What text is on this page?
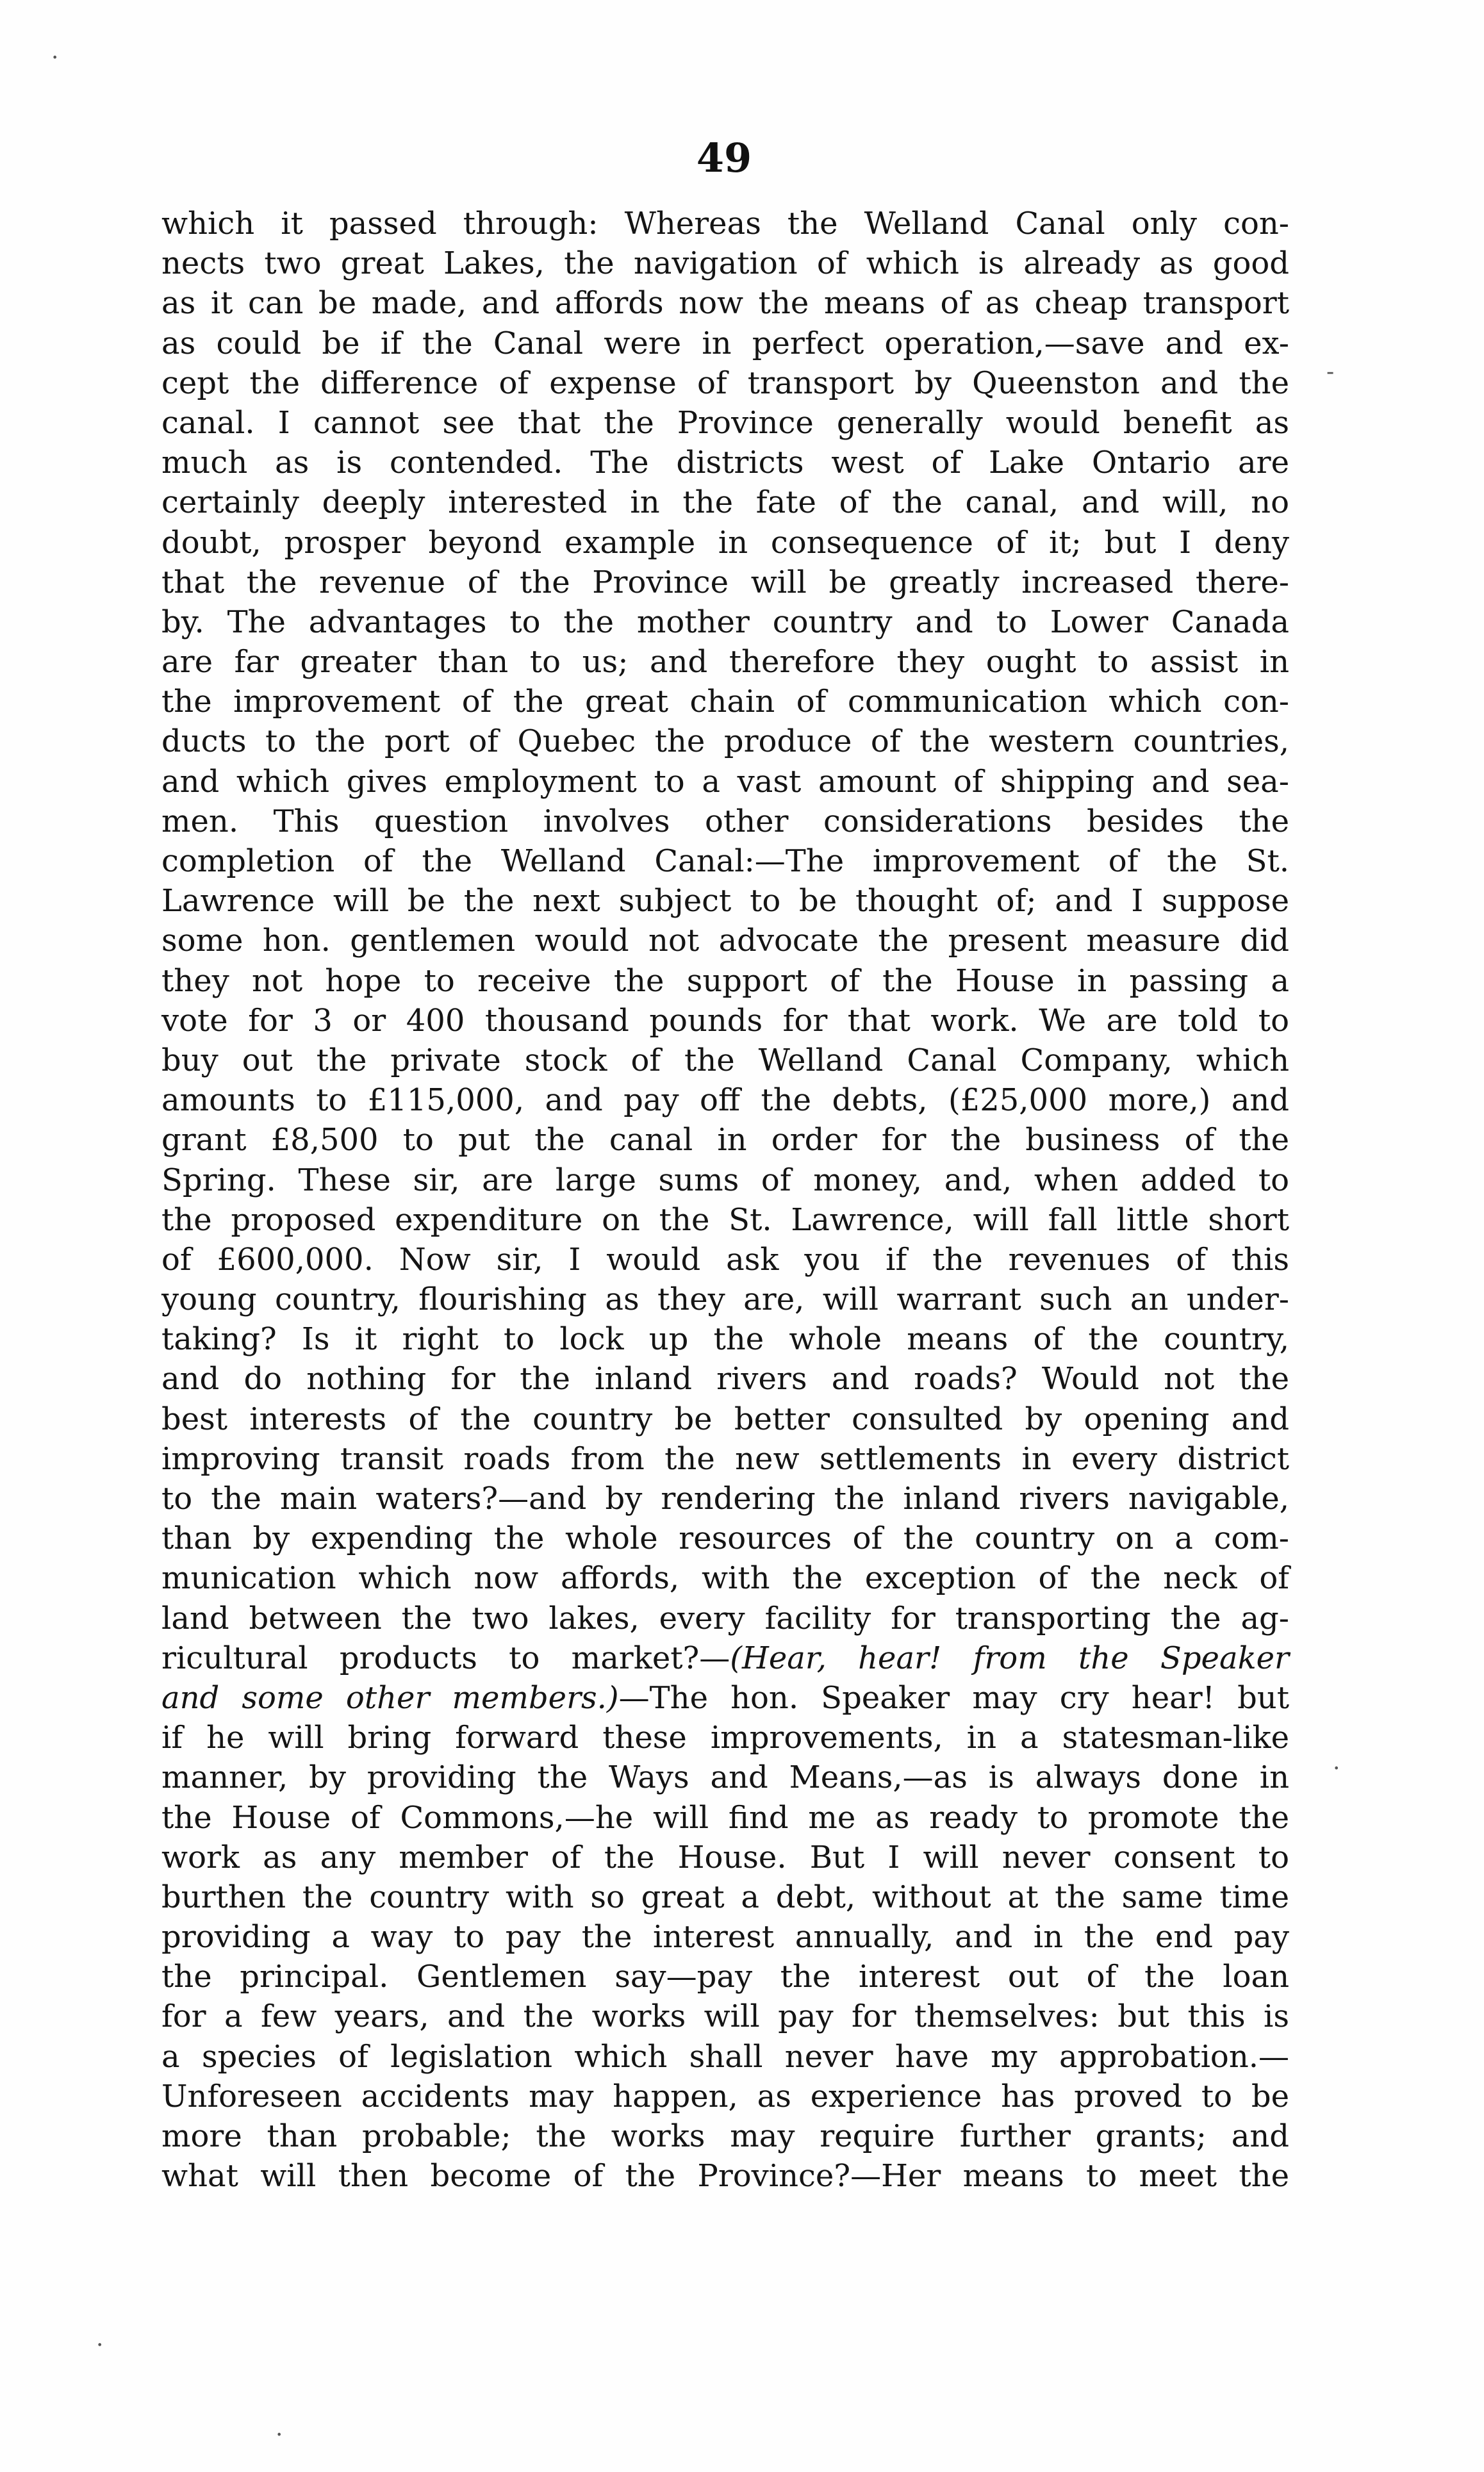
49
which it passed through: Whereas the Welland Canal only con-
nects two great Lakes, the navigation of which is already as good
as it can be made, and affords now the means of as cheap transport
as could be if the Canal were in perfect operation,—save and ex-
cept the difference of expense of transport by Queenston and the
canal. I cannot see that the Province generally would benefit as
much as is contended. The districts west of Lake Ontario are
certainly deeply interested in the fate of the canal, and will, no
doubt, prosper beyond example in consequence of it; but I deny
that the revenue of the Province will be greatly increased there-
by. The advantages to the mother country and to Lower Canada
are far greater than to us; and therefore they ought to assist in
the improvement of the great chain of communication which con-
ducts to the port of Quebec the produce of the western countries,
and which gives employment to a vast amount of shipping and sea-
men. This question involves other considerations besides the
completion of the Welland Canal:—The improvement of the St.
Lawrence will be the next subject to be thought of; and I suppose
some hon. gentlemen would not advocate the present measure did
they not hope to receive the support of the House in passing a
vote for 3 or 400 thousand pounds for that work. We are told to
buy out the private stock of the Welland Canal Company, which
amounts to £115,000, and pay off the debts, (£25,000 more,) and
grant £8,500 to put the canal in order for the business of the
Spring. These sir, are large sums of money, and, when added to
the proposed expenditure on the St. Lawrence, will fall little short
of £600,000. Now sir, I would ask you if the revenues of this
young country, flourishing as they are, will warrant such an under-
taking? Is it right to lock up the whole means of the country,
and do nothing for the inland rivers and roads? Would not the
best interests of the country be better consulted by opening and
improving transit roads from the new settlements in every district
to the main waters?—and by rendering the inland rivers navigable,
than by expending the whole resources of the country on a com-
munication which now affords, with the exception of the neck of
land between the two lakes, every facility for transporting the ag-
ricultural products to market?—(Hear, hear! from the Speaker
and some other members.)—The hon. Speaker may cry hear! but
if he will bring forward these improvements, in a statesman-like
manner, by providing the Ways and Means,—as is always done in
the House of Commons,—he will find me as ready to promote the
work as any member of the House. But I will never consent to
burthen the country with so great a debt, without at the same time
providing a way to pay the interest annually, and in the end pay
the principal. Gentlemen say—pay the interest out of the loan
for a few years, and the works will pay for themselves: but this is
a species of legislation which shall never have my approbation.—
Unforeseen accidents may happen, as experience has proved to be
more than probable; the works may require further grants; and
what will then become of the Province?—Her means to meet the
·
-
·
·
·
